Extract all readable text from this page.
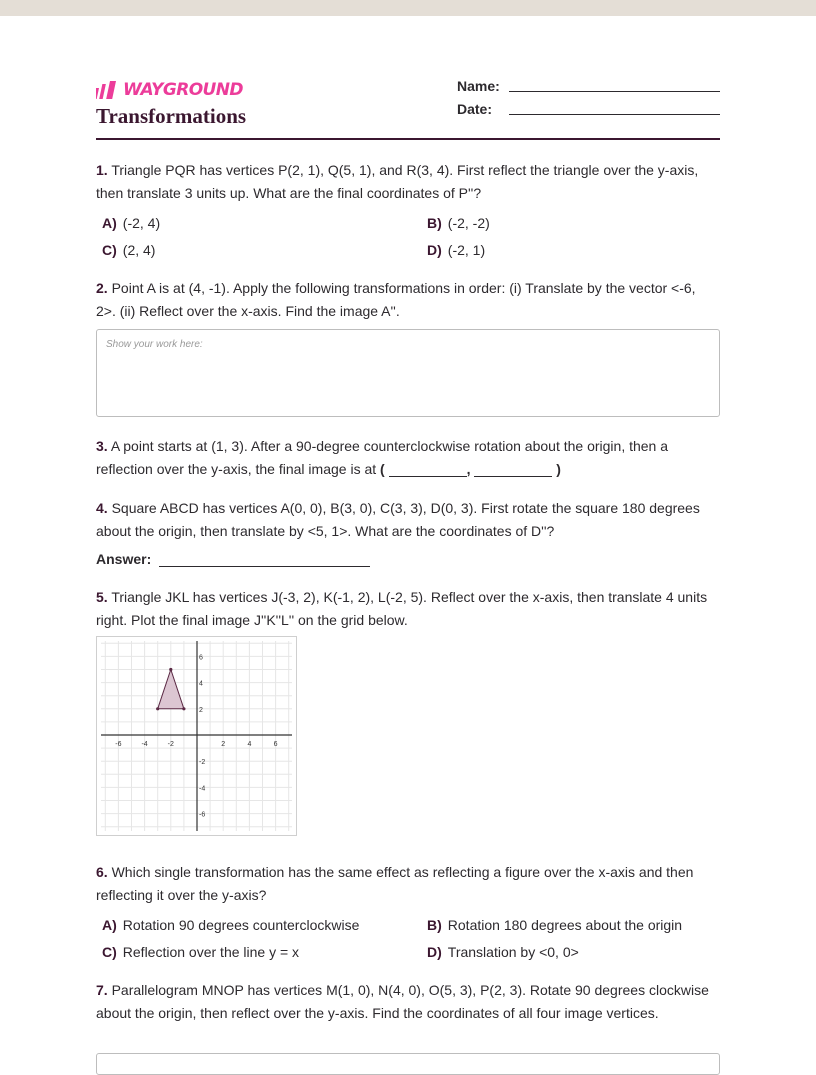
WAYGROUND
Transformations
Name:
Date:
1. Triangle PQR has vertices P(2, 1), Q(5, 1), and R(3, 4). First reflect the triangle over the y-axis, then translate 3 units up. What are the final coordinates of P''?
A) (-2, 4)	B) (-2, -2)
C) (2, 4)	D) (-2, 1)
2. Point A is at (4, -1). Apply the following transformations in order: (i) Translate by the vector <-6, 2>. (ii) Reflect over the x-axis. Find the image A''.
Show your work here:
3. A point starts at (1, 3). After a 90-degree counterclockwise rotation about the origin, then a reflection over the y-axis, the final image is at (	,	)
4. Square ABCD has vertices A(0, 0), B(3, 0), C(3, 3), D(0, 3). First rotate the square 180 degrees about the origin, then translate by <5, 1>. What are the coordinates of D''?
Answer:
5. Triangle JKL has vertices J(-3, 2), K(-1, 2), L(-2, 5). Reflect over the x-axis, then translate 4 units right. Plot the final image J''K''L'' on the grid below.
-6	-4	-2	2	4	6
6
4
2
-2
-4
-6
6. Which single transformation has the same effect as reflecting a figure over the x-axis and then reflecting it over the y-axis?
A) Rotation 90 degrees counterclockwise	B) Rotation 180 degrees about the origin
C) Reflection over the line y = x	D) Translation by <0, 0>
7. Parallelogram MNOP has vertices M(1, 0), N(4, 0), O(5, 3), P(2, 3). Rotate 90 degrees clockwise about the origin, then reflect over the y-axis. Find the coordinates of all four image vertices.
